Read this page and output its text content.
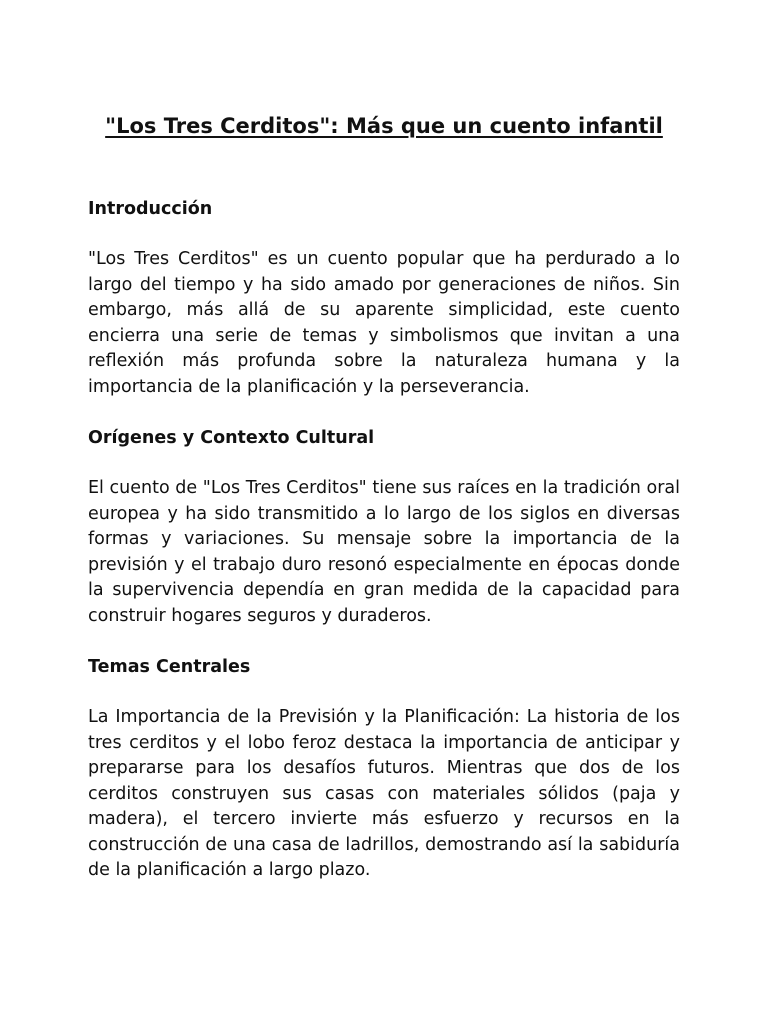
"Los Tres Cerditos": Más que un cuento infantil
Introducción

"Los Tres Cerditos" es un cuento popular que ha perdurado a lo largo del tiempo y ha sido amado por generaciones de niños. Sin embargo, más allá de su aparente simplicidad, este cuento encierra una serie de temas y simbolismos que invitan a una reflexión más profunda sobre la naturaleza humana y la importancia de la planificación y la perseverancia.

Orígenes y Contexto Cultural

El cuento de "Los Tres Cerditos" tiene sus raíces en la tradición oral europea y ha sido transmitido a lo largo de los siglos en diversas formas y variaciones. Su mensaje sobre la importancia de la previsión y el trabajo duro resonó especialmente en épocas donde la supervivencia dependía en gran medida de la capacidad para construir hogares seguros y duraderos.

Temas Centrales

La Importancia de la Previsión y la Planificación: La historia de los tres cerditos y el lobo feroz destaca la importancia de anticipar y prepararse para los desafíos futuros. Mientras que dos de los cerditos construyen sus casas con materiales sólidos (paja y madera), el tercero invierte más esfuerzo y recursos en la construcción de una casa de ladrillos, demostrando así la sabiduría de la planificación a largo plazo.
